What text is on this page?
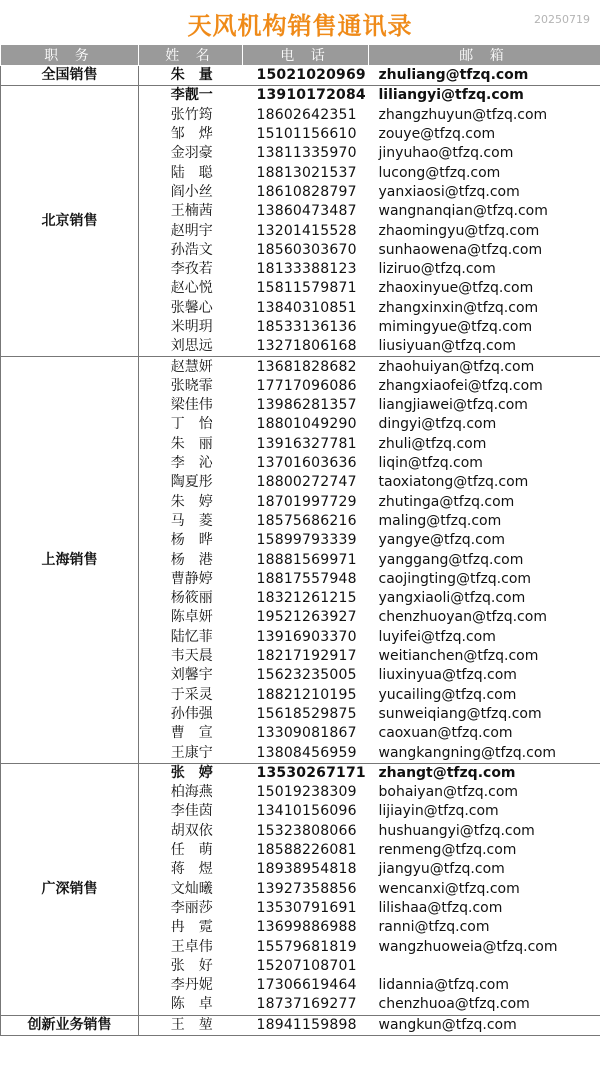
天风机构销售通讯录	20250719
职 务	姓 名	电 话	邮 箱
全国销售	朱　量	15021020969	zhuliang@tfzq.com
北京销售	李靓一	13910172084	liliangyi@tfzq.com
	张竹筠	18602642351	zhangzhuyun@tfzq.com
	邹　烨	15101156610	zouye@tfzq.com
	金羽豪	13811335970	jinyuhao@tfzq.com
	陆　聪	18813021537	lucong@tfzq.com
	阎小丝	18610828797	yanxiaosi@tfzq.com
	王楠茜	13860473487	wangnanqian@tfzq.com
	赵明宇	13201415528	zhaomingyu@tfzq.com
	孙浩文	18560303670	sunhaowena@tfzq.com
	李孜若	18133388123	liziruo@tfzq.com
	赵心悦	15811579871	zhaoxinyue@tfzq.com
	张馨心	13840310851	zhangxinxin@tfzq.com
	米明玥	18533136136	mimingyue@tfzq.com
	刘思远	13271806168	liusiyuan@tfzq.com
上海销售	赵慧妍	13681828682	zhaohuiyan@tfzq.com
	张晓霏	17717096086	zhangxiaofei@tfzq.com
	梁佳伟	13986281357	liangjiawei@tfzq.com
	丁　怡	18801049290	dingyi@tfzq.com
	朱　丽	13916327781	zhuli@tfzq.com
	李　沁	13701603636	liqin@tfzq.com
	陶夏彤	18800272747	taoxiatong@tfzq.com
	朱　婷	18701997729	zhutinga@tfzq.com
	马　菱	18575686216	maling@tfzq.com
	杨　晔	15899793339	yangye@tfzq.com
	杨　港	18881569971	yanggang@tfzq.com
	曹静婷	18817557948	caojingting@tfzq.com
	杨筱丽	18321261215	yangxiaoli@tfzq.com
	陈卓妍	19521263927	chenzhuoyan@tfzq.com
	陆忆菲	13916903370	luyifei@tfzq.com
	韦天晨	18217192917	weitianchen@tfzq.com
	刘馨宇	15623235005	liuxinyua@tfzq.com
	于采灵	18821210195	yucailing@tfzq.com
	孙伟强	15618529875	sunweiqiang@tfzq.com
	曹　宣	13309081867	caoxuan@tfzq.com
	王康宁	13808456959	wangkangning@tfzq.com
广深销售	张　婷	13530267171	zhangt@tfzq.com
	柏海燕	15019238309	bohaiyan@tfzq.com
	李佳茵	13410156096	lijiayin@tfzq.com
	胡双依	15323808066	hushuangyi@tfzq.com
	任　萌	18588226081	renmeng@tfzq.com
	蒋　煜	18938954818	jiangyu@tfzq.com
	文灿曦	13927358856	wencanxi@tfzq.com
	李丽莎	13530791691	lilishaa@tfzq.com
	冉　霓	13699886988	ranni@tfzq.com
	王卓伟	15579681819	wangzhuoweia@tfzq.com
	张　好	15207108701	
	李丹妮	17306619464	lidannia@tfzq.com
	陈　卓	18737169277	chenzhuoa@tfzq.com
创新业务销售	王　堃	18941159898	wangkun@tfzq.com
